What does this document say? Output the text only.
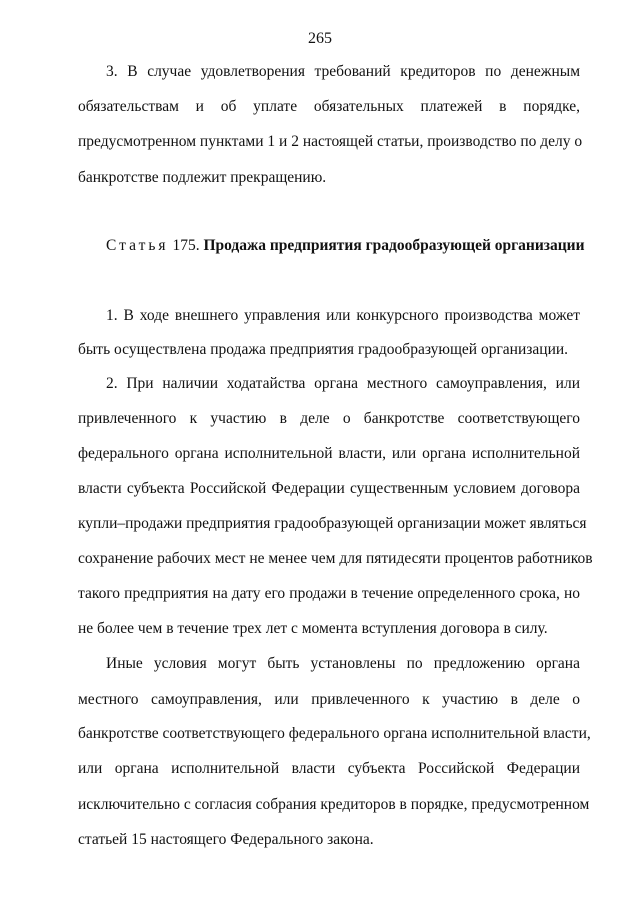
265
3. В случае удовлетворения требований кредиторов по денежным
обязательствам и об уплате обязательных платежей в порядке,
предусмотренном пунктами 1 и 2 настоящей статьи, производство по делу о
банкротстве подлежит прекращению.
Статья 175. Продажа предприятия градообразующей организации
1. В ходе внешнего управления или конкурсного производства может
быть осуществлена продажа предприятия градообразующей организации.
2. При наличии ходатайства органа местного самоуправления, или
привлеченного к участию в деле о банкротстве соответствующего
федерального органа исполнительной власти, или органа исполнительной
власти субъекта Российской Федерации существенным условием договора
купли–продажи предприятия градообразующей организации может являться
сохранение рабочих мест не менее чем для пятидесяти процентов работников
такого предприятия на дату его продажи в течение определенного срока, но
не более чем в течение трех лет с момента вступления договора в силу.
Иные условия могут быть установлены по предложению органа
местного самоуправления, или привлеченного к участию в деле о
банкротстве соответствующего федерального органа исполнительной власти,
или органа исполнительной власти субъекта Российской Федерации
исключительно с согласия собрания кредиторов в порядке, предусмотренном
статьей 15 настоящего Федерального закона.
